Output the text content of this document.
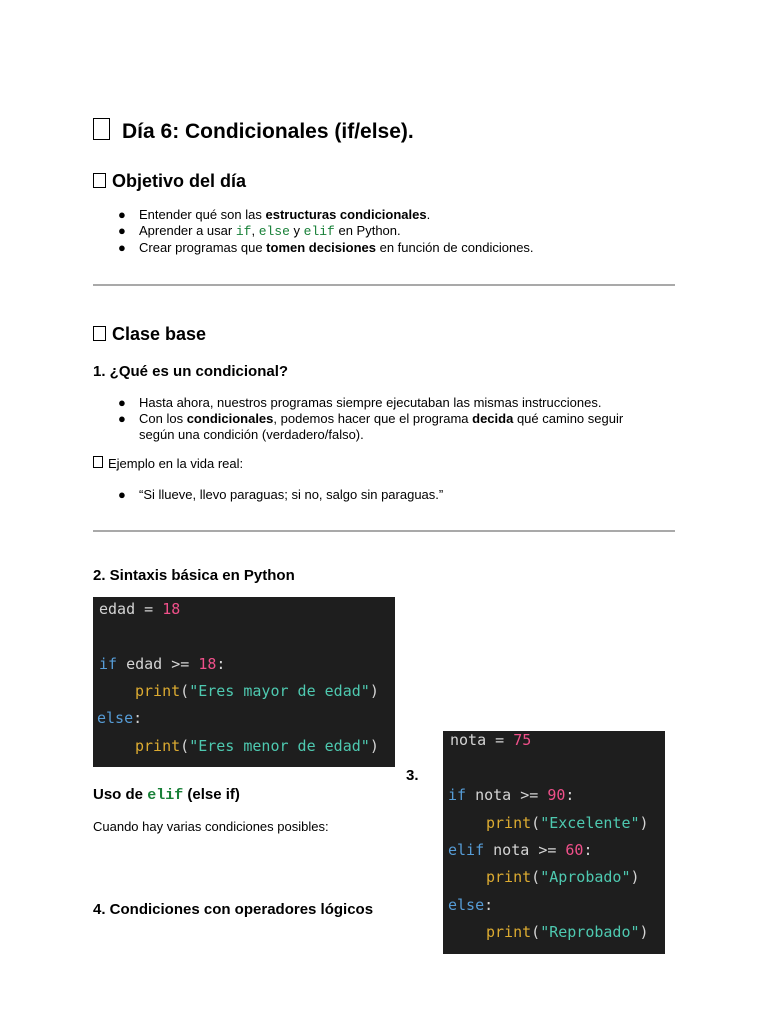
Día 6: Condicionales (if/else).
Objetivo del día
● Entender qué son las estructuras condicionales.
● Aprender a usar if, else y elif en Python.
● Crear programas que tomen decisiones en función de condiciones.
Clase base
1. ¿Qué es un condicional?
● Hasta ahora, nuestros programas siempre ejecutaban las mismas instrucciones.
● Con los condicionales, podemos hacer que el programa decida qué camino seguir
según una condición (verdadero/falso).
Ejemplo en la vida real:
● “Si llueve, llevo paraguas; si no, salgo sin paraguas.”
2. Sintaxis básica en Python
edad = 18
if edad >= 18:
print("Eres mayor de edad")
else:
print("Eres menor de edad")
3.
Uso de elif (else if)
Cuando hay varias condiciones posibles:
4. Condiciones con operadores lógicos
nota = 75
if nota >= 90:
print("Excelente")
elif nota >= 60:
print("Aprobado")
else:
print("Reprobado")
